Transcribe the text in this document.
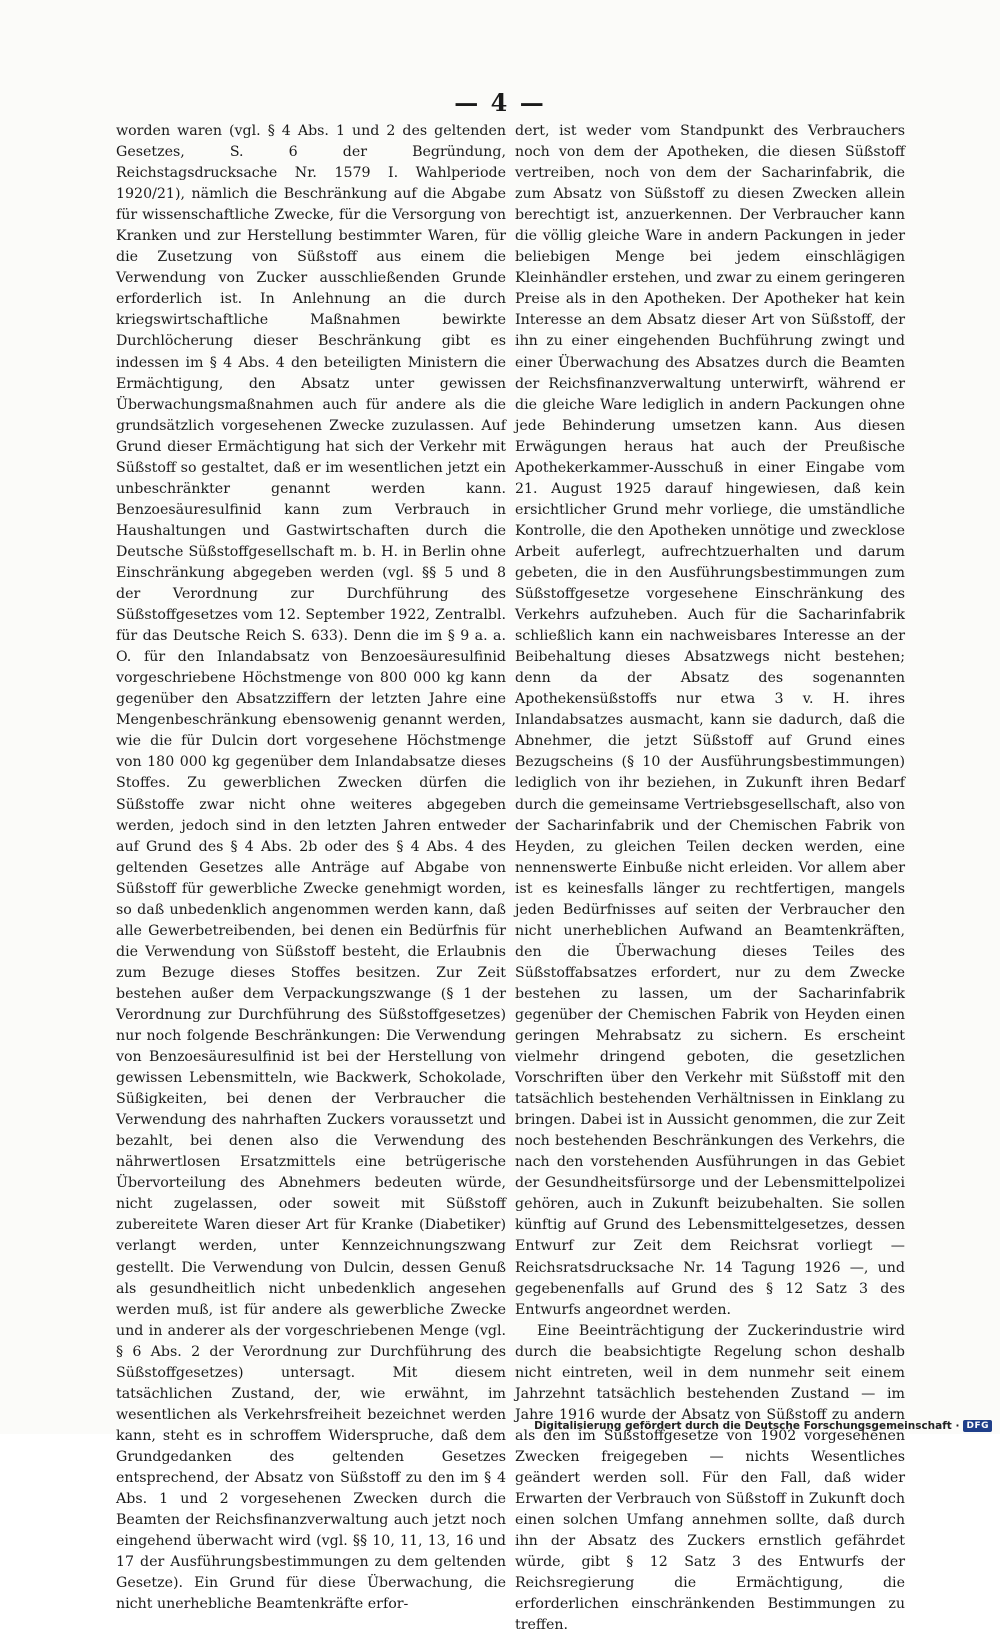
— 4 —

worden waren (vgl. § 4 Abs. 1 und 2 des geltenden Gesetzes, S. 6 der Begründung, Reichstagsdrucksache Nr. 1579 I. Wahlperiode 1920/21), nämlich die Beschränkung auf die Abgabe für wissenschaftliche Zwecke, für die Versorgung von Kranken und zur Herstellung bestimmter Waren, für die Zusetzung von Süßstoff aus einem die Verwendung von Zucker ausschließenden Grunde erforderlich ist. In Anlehnung an die durch kriegswirtschaftliche Maßnahmen bewirkte Durchlöcherung dieser Beschränkung gibt es indessen im § 4 Abs. 4 den beteiligten Ministern die Ermächtigung, den Absatz unter gewissen Überwachungsmaßnahmen auch für andere als die grundsätzlich vorgesehenen Zwecke zuzulassen. Auf Grund dieser Ermächtigung hat sich der Verkehr mit Süßstoff so gestaltet, daß er im wesentlichen jetzt ein unbeschränkter genannt werden kann. Benzoesäuresulfinid kann zum Verbrauch in Haushaltungen und Gastwirtschaften durch die Deutsche Süßstoffgesellschaft m. b. H. in Berlin ohne Einschränkung abgegeben werden (vgl. §§ 5 und 8 der Verordnung zur Durchführung des Süßstoffgesetzes vom 12. September 1922, Zentralbl. für das Deutsche Reich S. 633). Denn die im § 9 a. a. O. für den Inlandabsatz von Benzoesäuresulfinid vorgeschriebene Höchstmenge von 800 000 kg kann gegenüber den Absatzziffern der letzten Jahre eine Mengenbeschränkung ebensowenig genannt werden, wie die für Dulcin dort vorgesehene Höchstmenge von 180 000 kg gegenüber dem Inlandabsatze dieses Stoffes. Zu gewerblichen Zwecken dürfen die Süßstoffe zwar nicht ohne weiteres abgegeben werden, jedoch sind in den letzten Jahren entweder auf Grund des § 4 Abs. 2b oder des § 4 Abs. 4 des geltenden Gesetzes alle Anträge auf Abgabe von Süßstoff für gewerbliche Zwecke genehmigt worden, so daß unbedenklich angenommen werden kann, daß alle Gewerbetreibenden, bei denen ein Bedürfnis für die Verwendung von Süßstoff besteht, die Erlaubnis zum Bezuge dieses Stoffes besitzen. Zur Zeit bestehen außer dem Verpackungszwange (§ 1 der Verordnung zur Durchführung des Süßstoffgesetzes) nur noch folgende Beschränkungen: Die Verwendung von Benzoesäuresulfinid ist bei der Herstellung von gewissen Lebensmitteln, wie Backwerk, Schokolade, Süßigkeiten, bei denen der Verbraucher die Verwendung des nahrhaften Zuckers voraussetzt und bezahlt, bei denen also die Verwendung des nährwertlosen Ersatzmittels eine betrügerische Übervorteilung des Abnehmers bedeuten würde, nicht zugelassen, oder soweit mit Süßstoff zubereitete Waren dieser Art für Kranke (Diabetiker) verlangt werden, unter Kennzeichnungszwang gestellt. Die Verwendung von Dulcin, dessen Genuß als gesundheitlich nicht unbedenklich angesehen werden muß, ist für andere als gewerbliche Zwecke und in anderer als der vorgeschriebenen Menge (vgl. § 6 Abs. 2 der Verordnung zur Durchführung des Süßstoffgesetzes) untersagt. Mit diesem tatsächlichen Zustand, der, wie erwähnt, im wesentlichen als Verkehrsfreiheit bezeichnet werden kann, steht es in schroffem Widerspruche, daß dem Grundgedanken des geltenden Gesetzes entsprechend, der Absatz von Süßstoff zu den im § 4 Abs. 1 und 2 vorgesehenen Zwecken durch die Beamten der Reichsfinanzverwaltung auch jetzt noch eingehend überwacht wird (vgl. §§ 10, 11, 13, 16 und 17 der Ausführungsbestimmungen zu dem geltenden Gesetze). Ein Grund für diese Überwachung, die nicht unerhebliche Beamtenkräfte erfor-

dert, ist weder vom Standpunkt des Verbrauchers noch von dem der Apotheken, die diesen Süßstoff vertreiben, noch von dem der Sacharinfabrik, die zum Absatz von Süßstoff zu diesen Zwecken allein berechtigt ist, anzuerkennen. Der Verbraucher kann die völlig gleiche Ware in andern Packungen in jeder beliebigen Menge bei jedem einschlägigen Kleinhändler erstehen, und zwar zu einem geringeren Preise als in den Apotheken. Der Apotheker hat kein Interesse an dem Absatz dieser Art von Süßstoff, der ihn zu einer eingehenden Buchführung zwingt und einer Überwachung des Absatzes durch die Beamten der Reichsfinanzverwaltung unterwirft, während er die gleiche Ware lediglich in andern Packungen ohne jede Behinderung umsetzen kann. Aus diesen Erwägungen heraus hat auch der Preußische Apothekerkammer-Ausschuß in einer Eingabe vom 21. August 1925 darauf hingewiesen, daß kein ersichtlicher Grund mehr vorliege, die umständliche Kontrolle, die den Apotheken unnötige und zwecklose Arbeit auferlegt, aufrechtzuerhalten und darum gebeten, die in den Ausführungsbestimmungen zum Süßstoffgesetze vorgesehene Einschränkung des Verkehrs aufzuheben. Auch für die Sacharinfabrik schließlich kann ein nachweisbares Interesse an der Beibehaltung dieses Absatzwegs nicht bestehen; denn da der Absatz des sogenannten Apothekensüßstoffs nur etwa 3 v. H. ihres Inlandabsatzes ausmacht, kann sie dadurch, daß die Abnehmer, die jetzt Süßstoff auf Grund eines Bezugscheins (§ 10 der Ausführungsbestimmungen) lediglich von ihr beziehen, in Zukunft ihren Bedarf durch die gemeinsame Vertriebsgesellschaft, also von der Sacharinfabrik und der Chemischen Fabrik von Heyden, zu gleichen Teilen decken werden, eine nennenswerte Einbuße nicht erleiden. Vor allem aber ist es keinesfalls länger zu rechtfertigen, mangels jeden Bedürfnisses auf seiten der Verbraucher den nicht unerheblichen Aufwand an Beamtenkräften, den die Überwachung dieses Teiles des Süßstoffabsatzes erfordert, nur zu dem Zwecke bestehen zu lassen, um der Sacharinfabrik gegenüber der Chemischen Fabrik von Heyden einen geringen Mehrabsatz zu sichern. Es erscheint vielmehr dringend geboten, die gesetzlichen Vorschriften über den Verkehr mit Süßstoff mit den tatsächlich bestehenden Verhältnissen in Einklang zu bringen. Dabei ist in Aussicht genommen, die zur Zeit noch bestehenden Beschränkungen des Verkehrs, die nach den vorstehenden Ausführungen in das Gebiet der Gesundheitsfürsorge und der Lebensmittelpolizei gehören, auch in Zukunft beizubehalten. Sie sollen künftig auf Grund des Lebensmittelgesetzes, dessen Entwurf zur Zeit dem Reichsrat vorliegt — Reichsratsdrucksache Nr. 14 Tagung 1926 —, und gegebenenfalls auf Grund des § 12 Satz 3 des Entwurfs angeordnet werden.

Eine Beeinträchtigung der Zuckerindustrie wird durch die beabsichtigte Regelung schon deshalb nicht eintreten, weil in dem nunmehr seit einem Jahrzehnt tatsächlich bestehenden Zustand — im Jahre 1916 wurde der Absatz von Süßstoff zu andern als den im Süßstoffgesetze von 1902 vorgesehenen Zwecken freigegeben — nichts Wesentliches geändert werden soll. Für den Fall, daß wider Erwarten der Verbrauch von Süßstoff in Zukunft doch einen solchen Umfang annehmen sollte, daß durch ihn der Absatz des Zuckers ernstlich gefährdet würde, gibt § 12 Satz 3 des Entwurfs der Reichsregierung die Ermächtigung, die erforderlichen einschränkenden Bestimmungen zu treffen.

Digitalisierung gefördert durch die Deutsche Forschungsgemeinschaft · DFG
